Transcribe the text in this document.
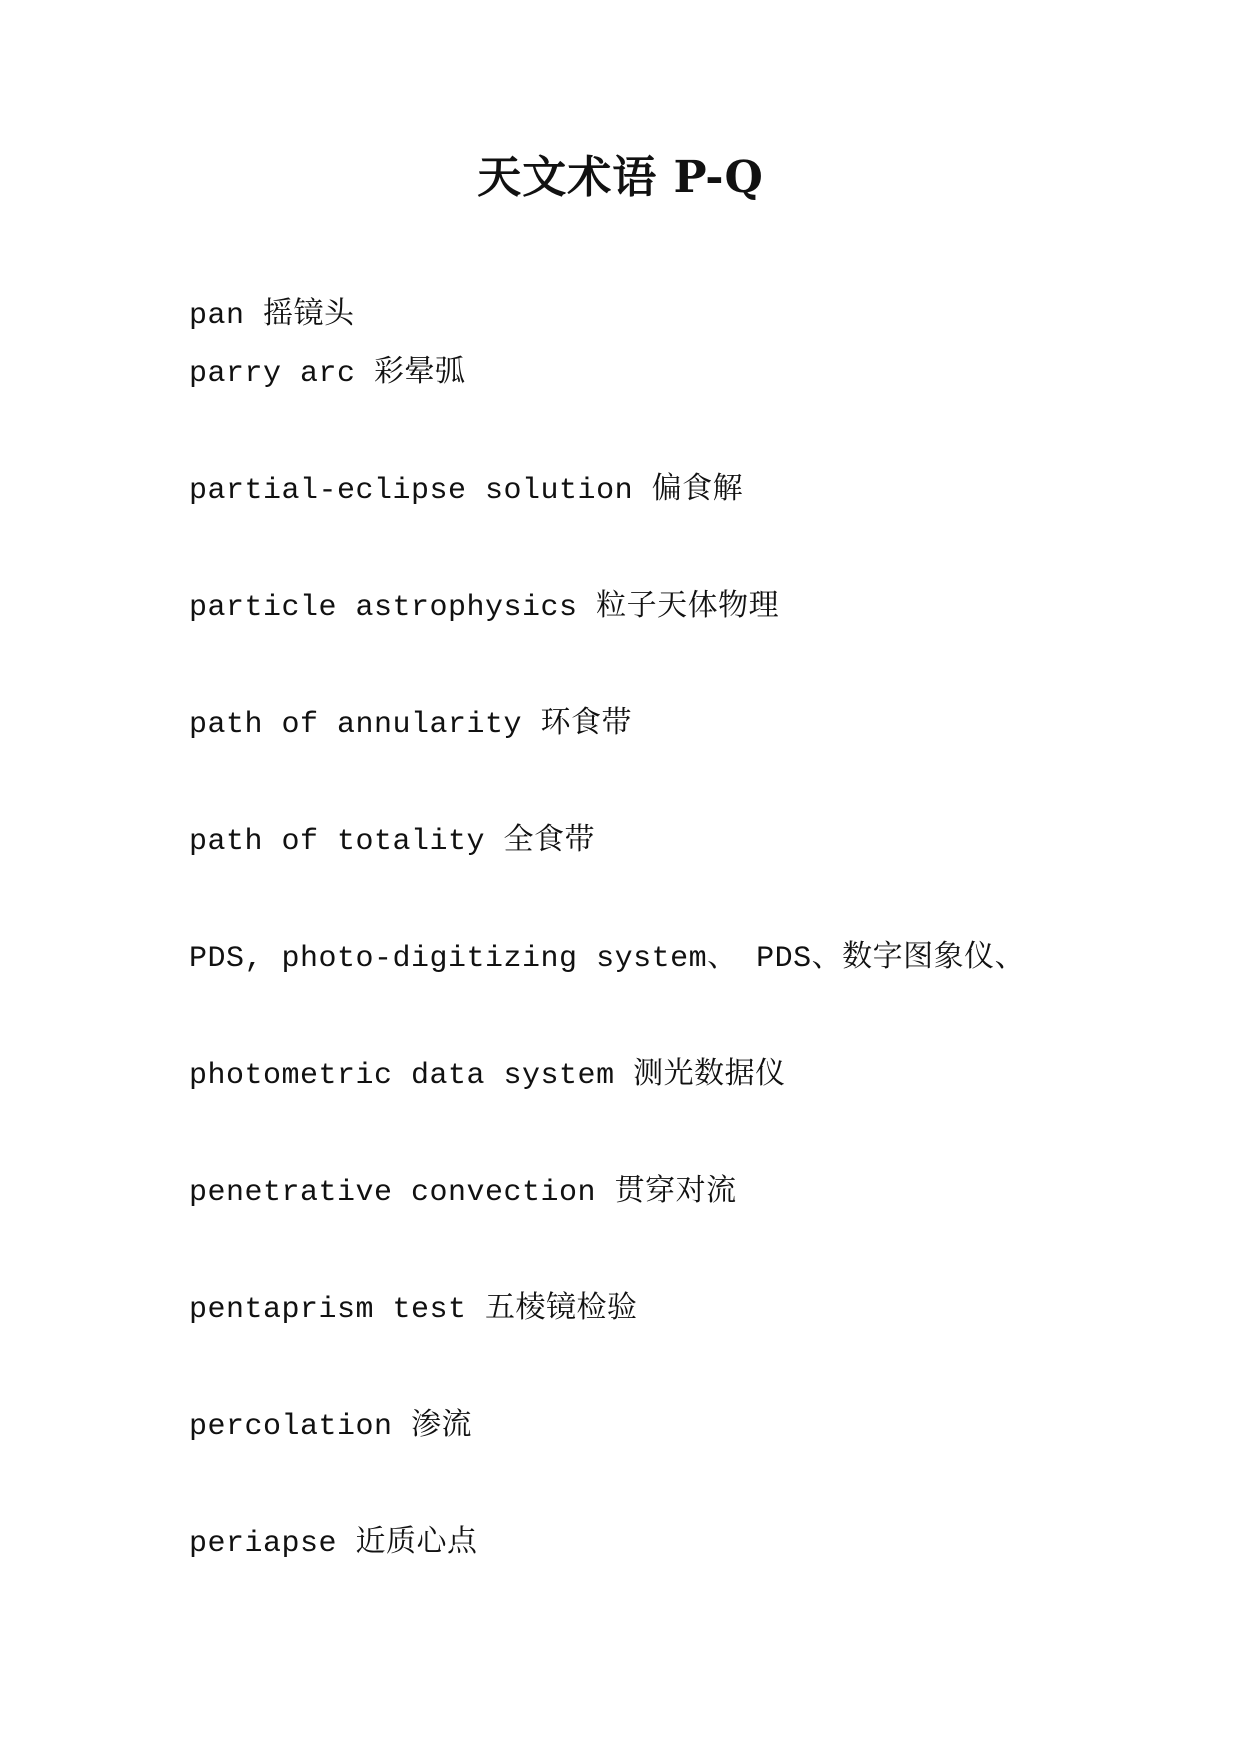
天文术语 P-Q
pan 摇镜头
parry arc 彩晕弧
partial-eclipse solution 偏食解
particle astrophysics 粒子天体物理
path of annularity 环食带
path of totality 全食带
PDS, photo-digitizing system、 PDS、数字图象仪、
photometric data system 测光数据仪
penetrative convection 贯穿对流
pentaprism test 五棱镜检验
percolation 渗流
periapse 近质心点
